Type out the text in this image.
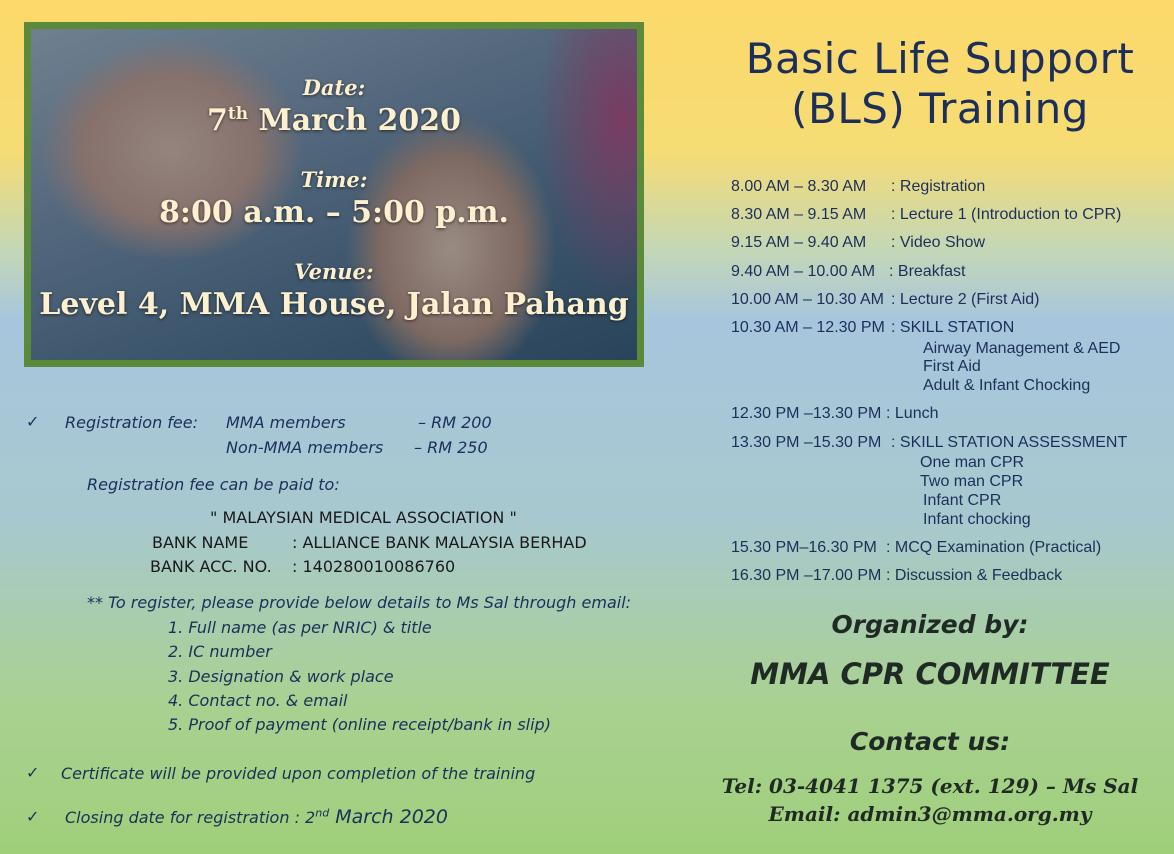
Date:
7th March 2020
Time:
8:00 a.m. – 5:00 p.m.
Venue:
Level 4, MMA House, Jalan Pahang
Basic Life Support
(BLS) Training
8.00 AM – 8.30 AM : Registration
8.30 AM – 9.15 AM : Lecture 1 (Introduction to CPR)
9.15 AM – 9.40 AM : Video Show
9.40 AM – 10.00 AM : Breakfast
10.00 AM – 10.30 AM : Lecture 2 (First Aid)
10.30 AM – 12.30 PM : SKILL STATION
Airway Management & AED
First Aid
Adult & Infant Chocking
12.30 PM –13.30 PM : Lunch
13.30 PM –15.30 PM : SKILL STATION ASSESSMENT
One man CPR
Two man CPR
Infant CPR
Infant chocking
15.30 PM–16.30 PM : MCQ Examination (Practical)
16.30 PM –17.00 PM : Discussion & Feedback
✓ Registration fee: MMA members	– RM 200
Non-MMA members – RM 250
Registration fee can be paid to:
" MALAYSIAN MEDICAL ASSOCIATION "
BANK NAME	: ALLIANCE BANK MALAYSIA BERHAD
BANK ACC. NO. : 140280010086760
** To register, please provide below details to Ms Sal through email:
1. Full name (as per NRIC) & title
2. IC number
3. Designation & work place
4. Contact no. & email
5. Proof of payment (online receipt/bank in slip)
✓ Certificate will be provided upon completion of the training
✓ Closing date for registration : 2nd March 2020
Organized by:
MMA CPR COMMITTEE
Contact us:
Tel: 03-4041 1375 (ext. 129) – Ms Sal
Email: admin3@mma.org.my
